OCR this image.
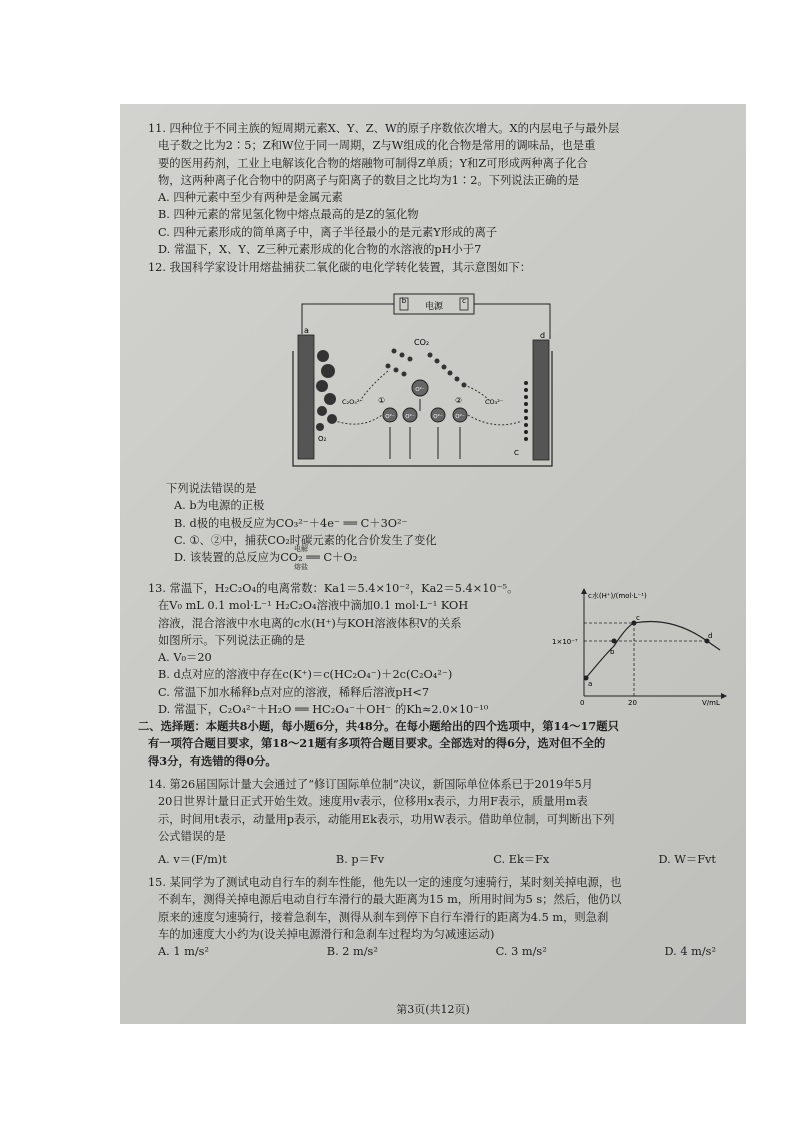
11. 四种位于不同主族的短周期元素X、Y、Z、W的原子序数依次增大。X的内层电子与最外层

电子数之比为2∶5；Z和W位于同一周期，Z与W组成的化合物是常用的调味品，也是重

要的医用药剂，工业上电解该化合物的熔融物可制得Z单质；Y和Z可形成两种离子化合

物，这两种离子化合物中的阴离子与阳离子的数目之比均为1∶2。下列说法正确的是

A. 四种元素中至少有两种是金属元素

B. 四种元素的常见氢化物中熔点最高的是Z的氢化物

C. 四种元素形成的简单离子中，离子半径最小的是元素Y形成的离子

D. 常温下，X、Y、Z三种元素形成的化合物的水溶液的pH小于7

12. 我国科学家设计用熔盐捕获二氧化碳的电化学转化装置，其示意图如下：

b	c
电源
a
d
O₂
C
CO₂
O²⁻
O²⁻ O²⁻	O²⁻ O²⁻
C₂O₅²⁻	CO₃²⁻
①	②

下列说法错误的是

A. b为电源的正极

B. d极的电极反应为CO₃²⁻＋4e⁻ ══ C＋3O²⁻

C. ①、②中，捕获CO₂时碳元素的化合价发生了变化

D. 该装置的总反应为CO₂ ══ C＋O₂
电解
熔盐

13. 常温下，H₂C₂O₄的电离常数：Ka1＝5.4×10⁻²，Ka2＝5.4×10⁻⁵。

在V₀ mL 0.1 mol·L⁻¹ H₂C₂O₄溶液中滴加0.1 mol·L⁻¹ KOH

溶液，混合溶液中水电离的c水(H⁺)与KOH溶液体积V的关系

如图所示。下列说法正确的是

A. V₀＝20

B. d点对应的溶液中存在c(K⁺)＝c(HC₂O₄⁻)＋2c(C₂O₄²⁻)

C. 常温下加水稀释b点对应的溶液，稀释后溶液pH<7

D. 常温下，C₂O₄²⁻＋H₂O ══ HC₂O₄⁻＋OH⁻ 的Kh≈2.0×10⁻¹⁰

c水(H⁺)/(mol·L⁻¹)
V/mL
1×10⁻⁷
0	20
a
b
c
d

二、选择题：本题共8小题，每小题6分，共48分。在每小题给出的四个选项中，第14～17题只

有一项符合题目要求，第18～21题有多项符合题目要求。全部选对的得6分，选对但不全的

得3分，有选错的得0分。

14. 第26届国际计量大会通过了“修订国际单位制”决议，新国际单位体系已于2019年5月

20日世界计量日正式开始生效。速度用v表示，位移用x表示，力用F表示，质量用m表

示，时间用t表示，动量用p表示，动能用Ek表示，功用W表示。借助单位制，可判断出下列

公式错误的是

A. v＝(F/m)t	B. p＝Fv	C. Ek＝Fx	D. W＝Fvt

15. 某同学为了测试电动自行车的刹车性能，他先以一定的速度匀速骑行，某时刻关掉电源，也

不刹车，测得关掉电源后电动自行车滑行的最大距离为15 m，所用时间为5 s；然后，他仍以

原来的速度匀速骑行，接着急刹车，测得从刹车到停下自行车滑行的距离为4.5 m，则急刹

车的加速度大小约为(设关掉电源滑行和急刹车过程均为匀减速运动)

A. 1 m/s²	B. 2 m/s²	C. 3 m/s²	D. 4 m/s²
第3页(共12页)
